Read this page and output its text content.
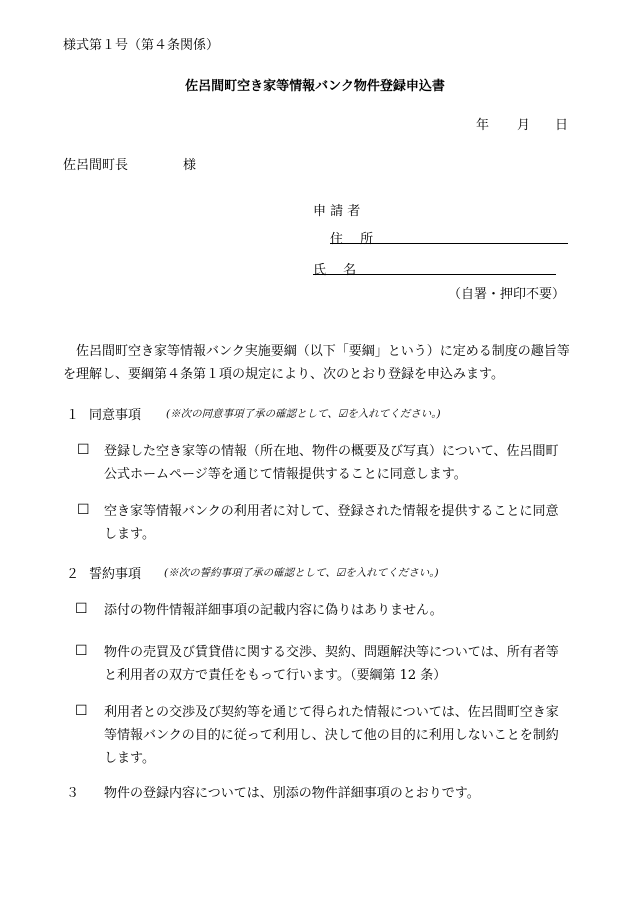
様式第１号（第４条関係）
佐呂間町空き家等情報バンク物件登録申込書
年 月 日
佐呂間町長	様
申 請 者
住　 所
氏　 名
（自署・押印不要）
佐呂間町空き家等情報バンク実施要綱（以下「要綱」という）に定める制度の趣旨等を理解し、要綱第４条第１項の規定により、次のとおり登録を申込みます。
１ 同意事項 (※次の同意事項了承の確認として、☑を入れてください。)
☐ 登録した空き家等の情報（所在地、物件の概要及び写真）について、佐呂間町公式ホームページ等を通じて情報提供することに同意します。
☐ 空き家等情報バンクの利用者に対して、登録された情報を提供することに同意します。
２ 誓約事項 (※次の誓約事項了承の確認として、☑を入れてください。)
☐ 添付の物件情報詳細事項の記載内容に偽りはありません。
☐ 物件の売買及び賃貸借に関する交渉、契約、問題解決等については、所有者等と利用者の双方で責任をもって行います。（要綱第 12 条）
☐ 利用者との交渉及び契約等を通じて得られた情報については、佐呂間町空き家等情報バンクの目的に従って利用し、決して他の目的に利用しないことを制約します。
３ 物件の登録内容については、別添の物件詳細事項のとおりです。
